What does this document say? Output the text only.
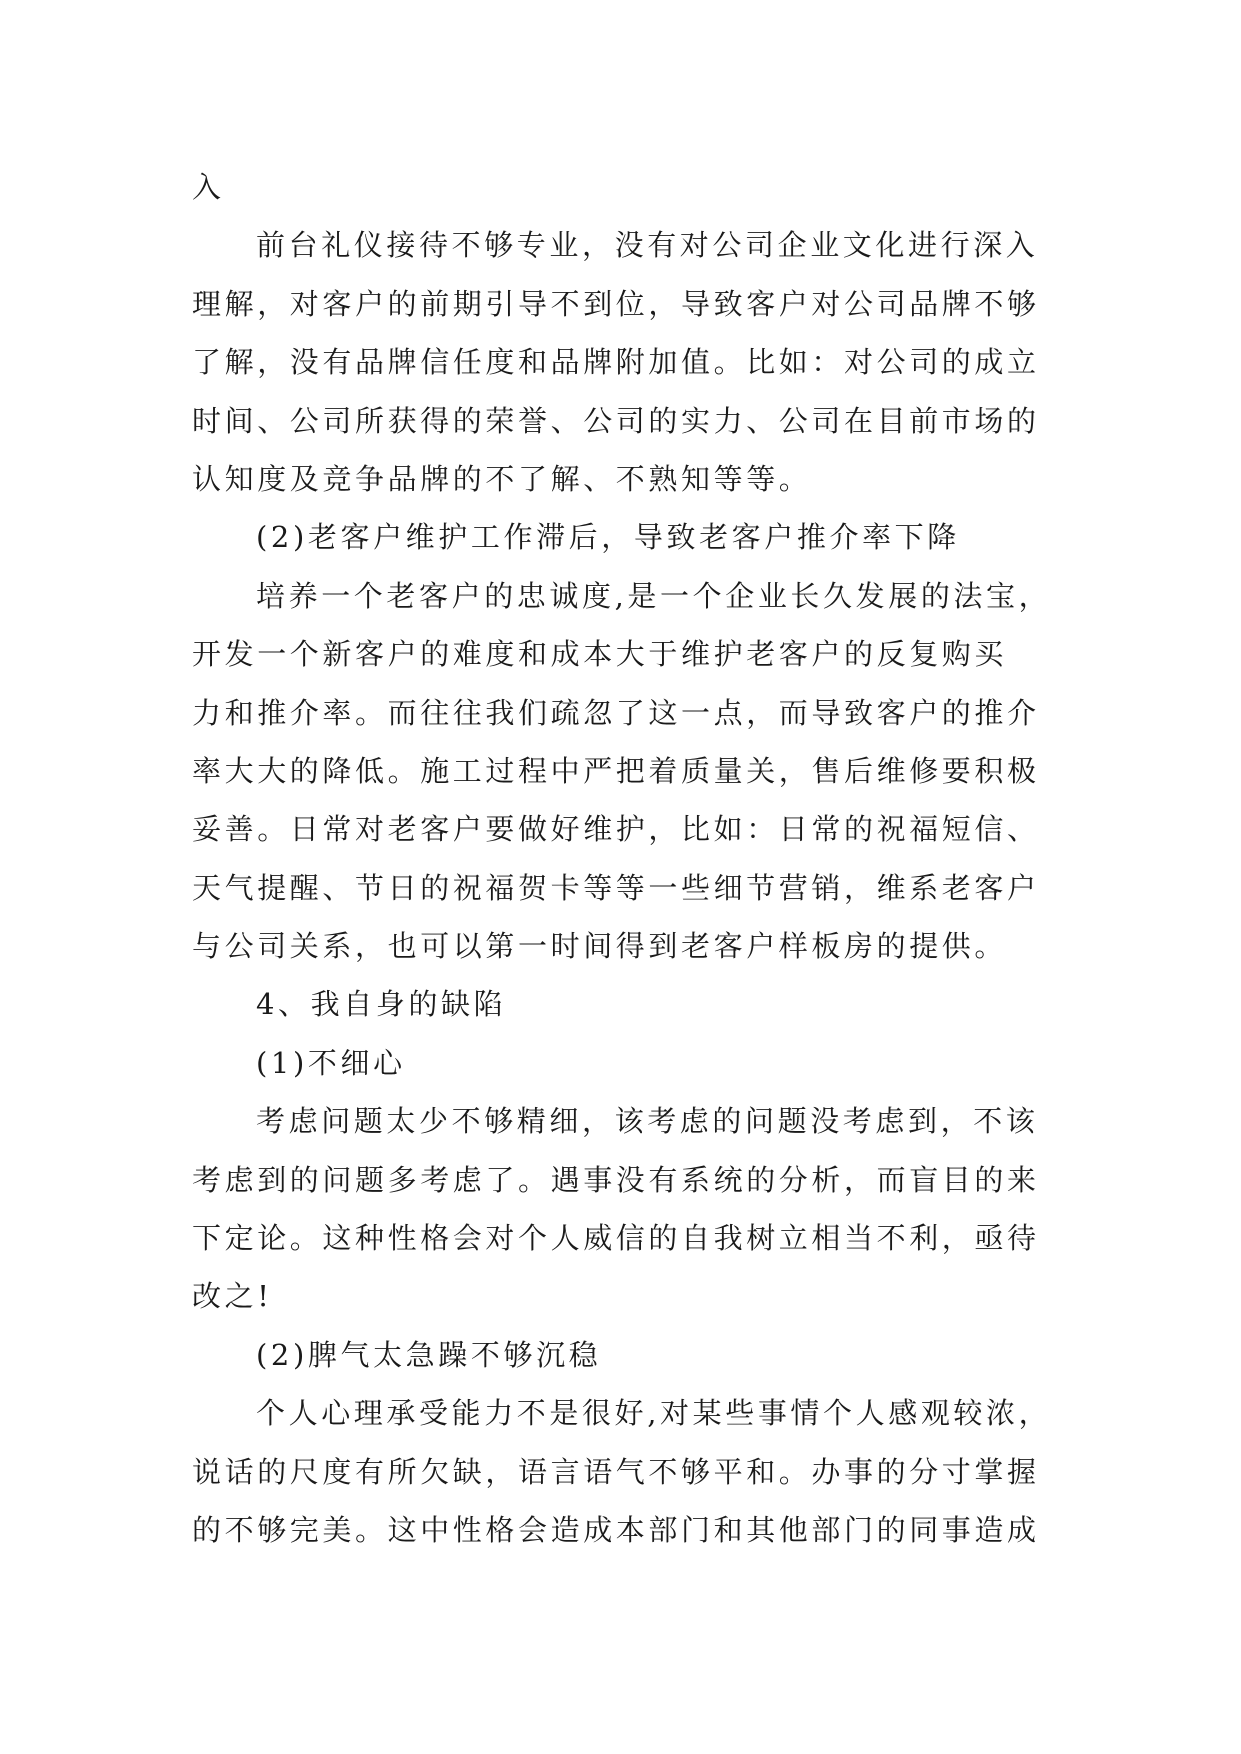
入
前台礼仪接待不够专业，没有对公司企业文化进行深入
理解，对客户的前期引导不到位，导致客户对公司品牌不够
了解，没有品牌信任度和品牌附加值。比如：对公司的成立
时间、公司所获得的荣誉、公司的实力、公司在目前市场的
认知度及竞争品牌的不了解、不熟知等等。
(2)老客户维护工作滞后，导致老客户推介率下降
培养一个老客户的忠诚度,是一个企业长久发展的法宝，
开发一个新客户的难度和成本大于维护老客户的反复购买
力和推介率。而往往我们疏忽了这一点，而导致客户的推介
率大大的降低。施工过程中严把着质量关，售后维修要积极
妥善。日常对老客户要做好维护，比如：日常的祝福短信、
天气提醒、节日的祝福贺卡等等一些细节营销，维系老客户
与公司关系，也可以第一时间得到老客户样板房的提供。
4、我自身的缺陷
(1)不细心
考虑问题太少不够精细，该考虑的问题没考虑到，不该
考虑到的问题多考虑了。遇事没有系统的分析，而盲目的来
下定论。这种性格会对个人威信的自我树立相当不利，亟待
改之!
(2)脾气太急躁不够沉稳
个人心理承受能力不是很好,对某些事情个人感观较浓，
说话的尺度有所欠缺，语言语气不够平和。办事的分寸掌握
的不够完美。这中性格会造成本部门和其他部门的同事造成
